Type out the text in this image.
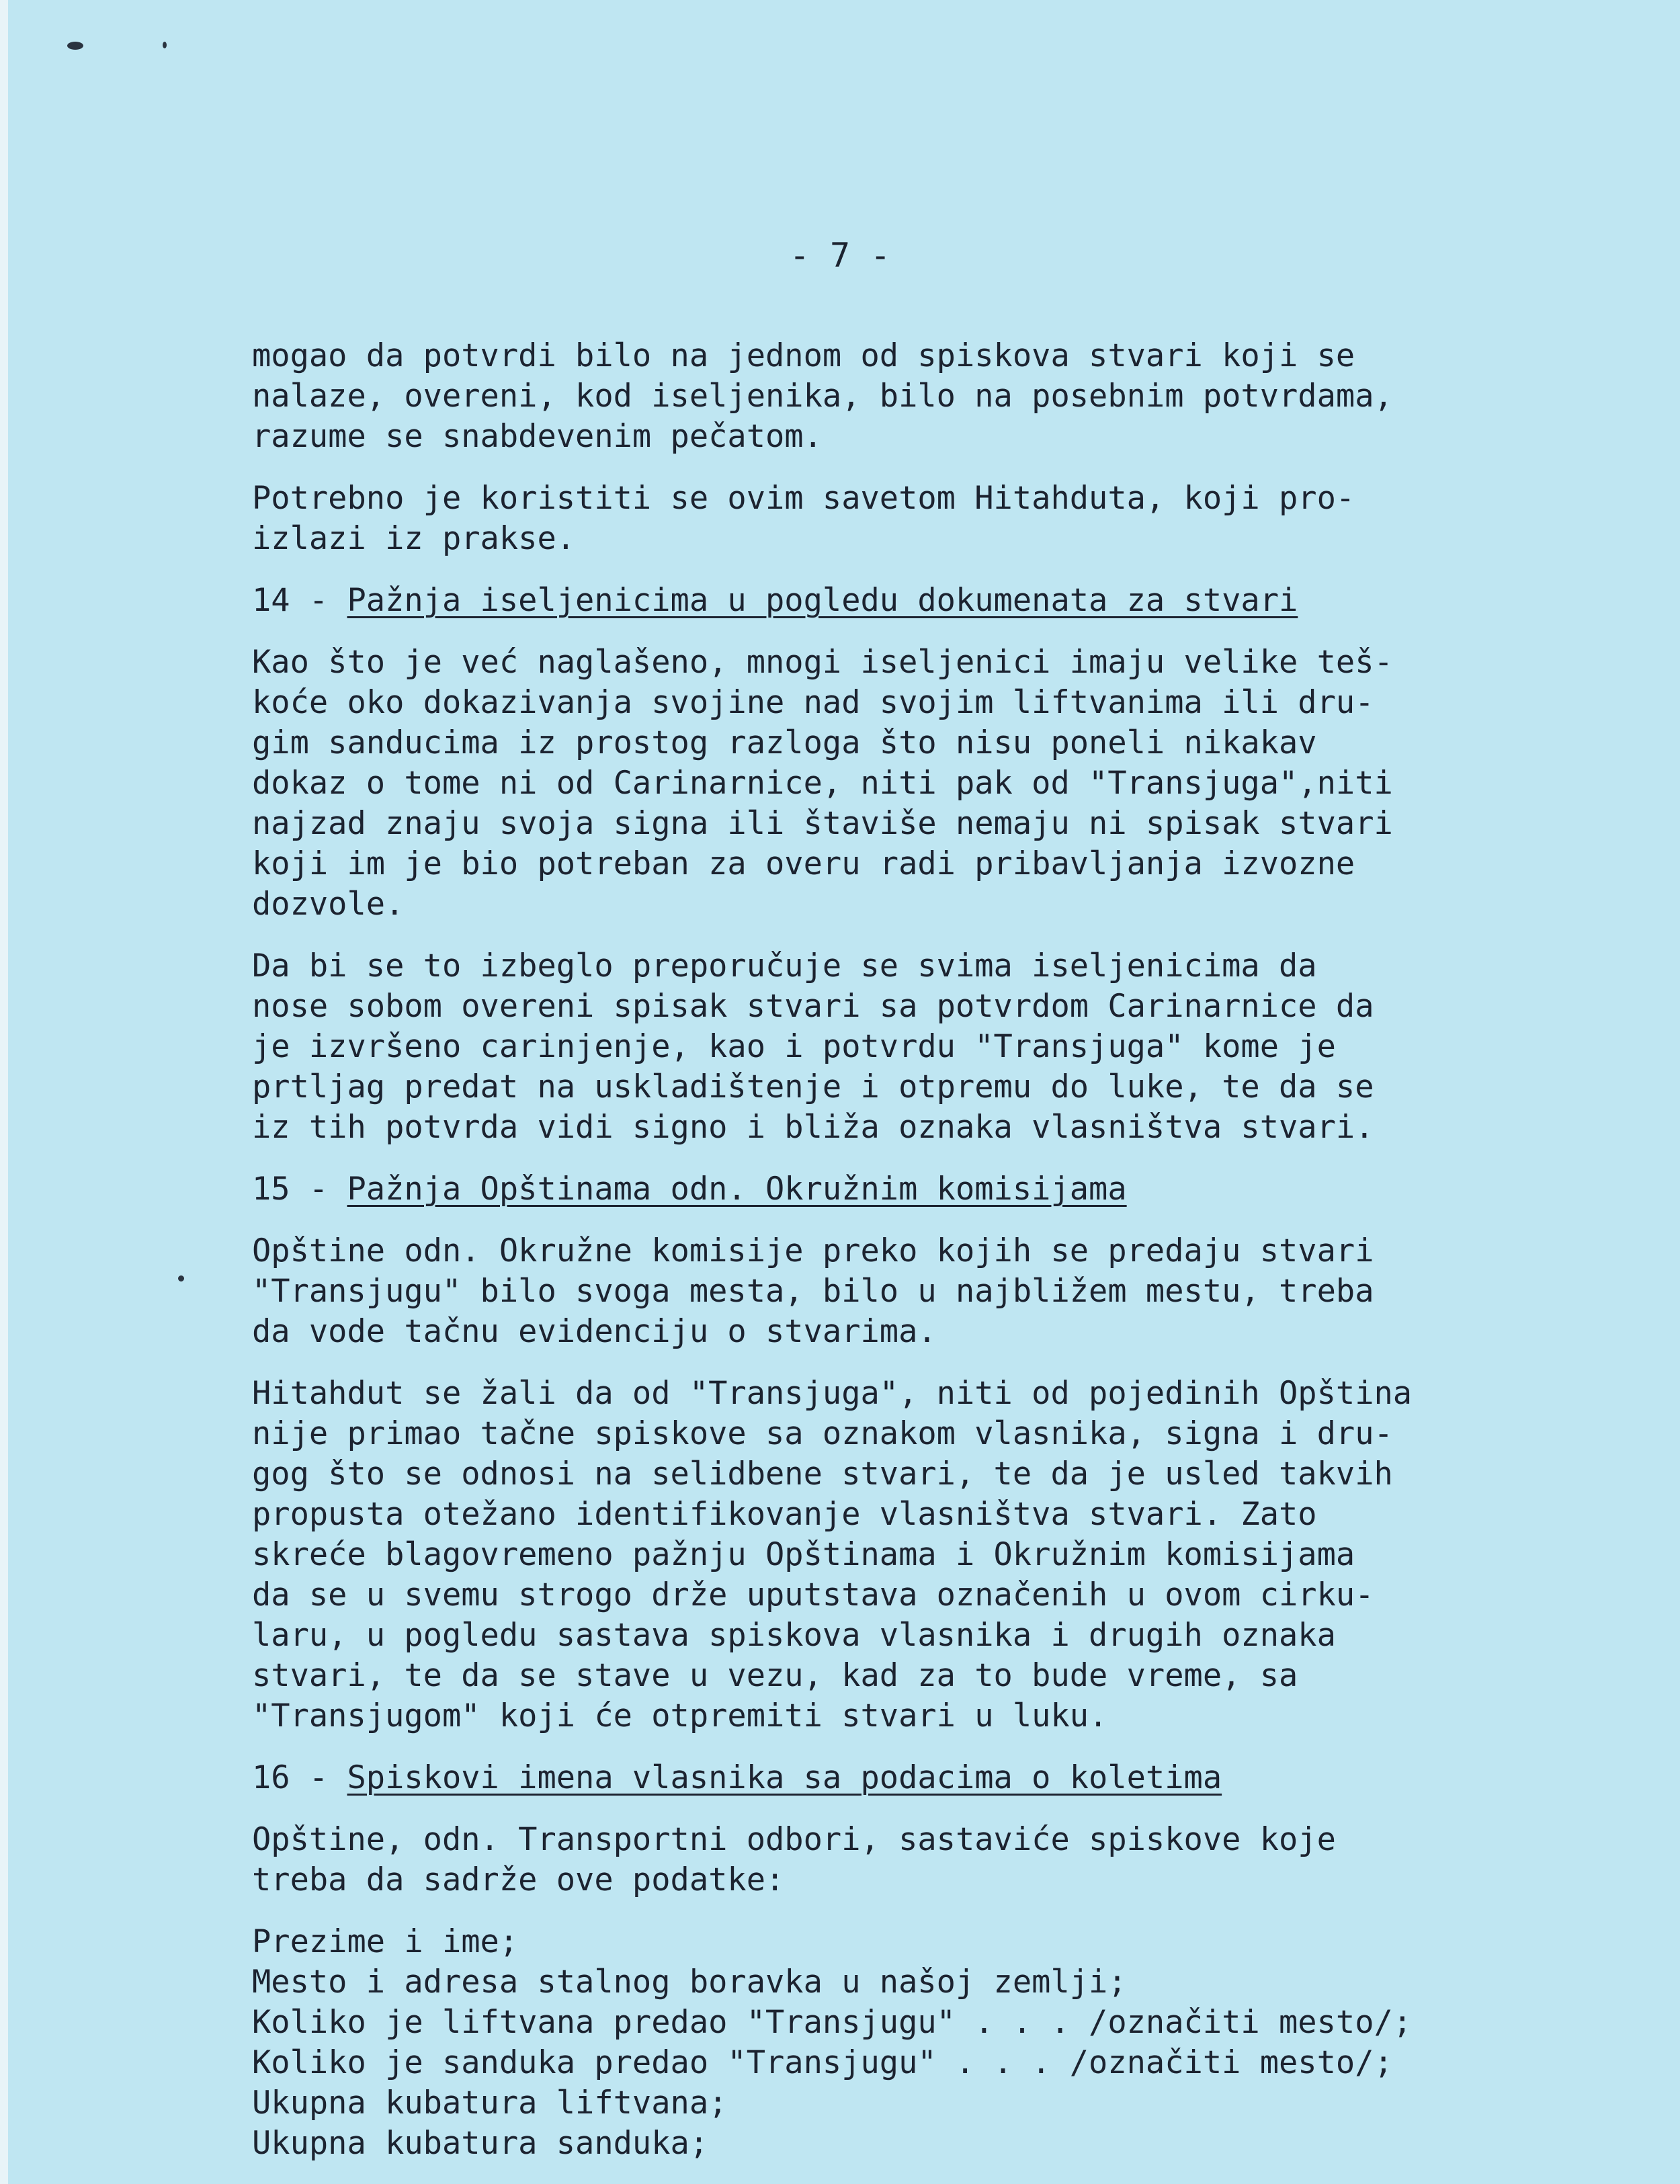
- 7 -

mogao da potvrdi bilo na jednom od spiskova stvari koji se
nalaze, overeni, kod iseljenika, bilo na posebnim potvrdama,
razume se snabdevenim pečatom.

Potrebno je koristiti se ovim savetom Hitahduta, koji pro-
izlazi iz prakse.

14 - Pažnja iseljenicima u pogledu dokumenata za stvari

Kao što je već naglašeno, mnogi iseljenici imaju velike teš-
koće oko dokazivanja svojine nad svojim liftvanima ili dru-
gim sanducima iz prostog razloga što nisu poneli nikakav
dokaz o tome ni od Carinarnice, niti pak od "Transjuga",niti
najzad znaju svoja signa ili štaviše nemaju ni spisak stvari
koji im je bio potreban za overu radi pribavljanja izvozne
dozvole.

Da bi se to izbeglo preporučuje se svima iseljenicima da
nose sobom overeni spisak stvari sa potvrdom Carinarnice da
je izvršeno carinjenje, kao i potvrdu "Transjuga" kome je
prtljag predat na uskladištenje i otpremu do luke, te da se
iz tih potvrda vidi signo i bliža oznaka vlasništva stvari.

15 - Pažnja Opštinama odn. Okružnim komisijama

Opštine odn. Okružne komisije preko kojih se predaju stvari
"Transjugu" bilo svoga mesta, bilo u najbližem mestu, treba
da vode tačnu evidenciju o stvarima.

Hitahdut se žali da od "Transjuga", niti od pojedinih Opština
nije primao tačne spiskove sa oznakom vlasnika, signa i dru-
gog što se odnosi na selidbene stvari, te da je usled takvih
propusta otežano identifikovanje vlasništva stvari. Zato
skreće blagovremeno pažnju Opštinama i Okružnim komisijama
da se u svemu strogo drže uputstava označenih u ovom cirku-
laru, u pogledu sastava spiskova vlasnika i drugih oznaka
stvari, te da se stave u vezu, kad za to bude vreme, sa
"Transjugom" koji će otpremiti stvari u luku.

16 - Spiskovi imena vlasnika sa podacima o koletima

Opštine, odn. Transportni odbori, sastaviće spiskove koje
treba da sadrže ove podatke:

Prezime i ime;
Mesto i adresa stalnog boravka u našoj zemlji;
Koliko je liftvana predao "Transjugu" . . . /označiti mesto/;
Koliko je sanduka predao "Transjugu" . . . /označiti mesto/;
Ukupna kubatura liftvana;
Ukupna kubatura sanduka;
